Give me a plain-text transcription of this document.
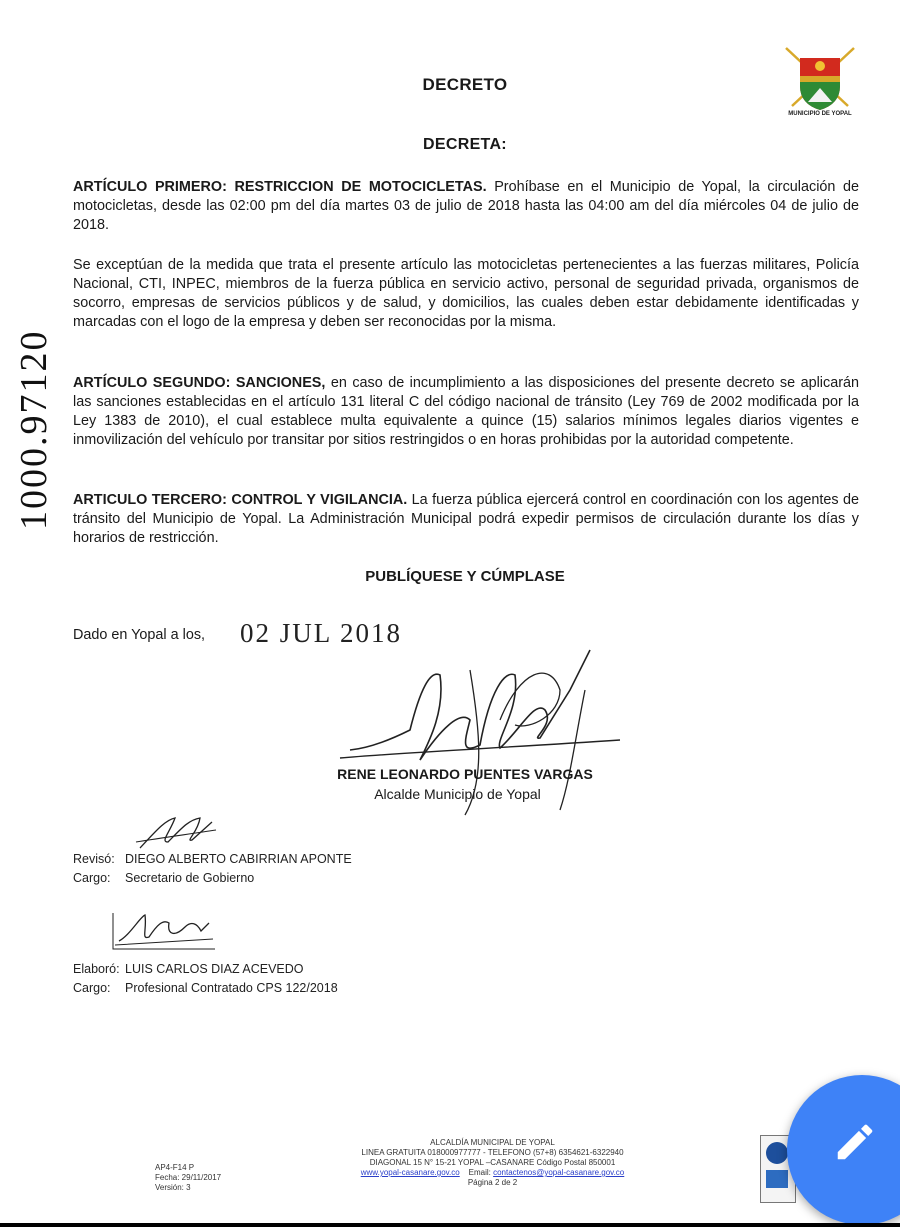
1000.97120
MUNICIPIO DE YOPAL
DECRETO
DECRETA:
ARTÍCULO PRIMERO: RESTRICCION DE MOTOCICLETAS. Prohíbase en el Municipio de Yopal, la circulación de motocicletas, desde las 02:00 pm del día martes 03 de julio de 2018 hasta las 04:00 am del día miércoles 04 de julio de 2018.
Se exceptúan de la medida que trata el presente artículo las motocicletas pertenecientes a las fuerzas militares, Policía Nacional, CTI, INPEC, miembros de la fuerza pública en servicio activo, personal de seguridad privada, organismos de socorro, empresas de servicios públicos y de salud, y domicilios, las cuales deben estar debidamente identificadas y marcadas con el logo de la empresa y deben ser reconocidas por la misma.
ARTÍCULO SEGUNDO: SANCIONES, en caso de incumplimiento a las disposiciones del presente decreto se aplicarán las sanciones establecidas en el artículo 131 literal C del código nacional de tránsito (Ley 769 de 2002 modificada por la Ley 1383 de 2010), el cual establece multa equivalente a quince (15) salarios mínimos legales diarios vigentes e inmovilización del vehículo por transitar por sitios restringidos o en horas prohibidas por la autoridad competente.
ARTICULO TERCERO: CONTROL Y VIGILANCIA. La fuerza pública ejercerá control en coordinación con los agentes de tránsito del Municipio de Yopal. La Administración Municipal podrá expedir permisos de circulación durante los días y horarios de restricción.
PUBLÍQUESE Y CÚMPLASE
Dado en Yopal a los, 02 JUL 2018
RENE LEONARDO PUENTES VARGAS
Alcalde Municipio de Yopal
Revisó: DIEGO ALBERTO CABIRRIAN APONTE
Cargo: Secretario de Gobierno
Elaboró: LUIS CARLOS DIAZ ACEVEDO
Cargo: Profesional Contratado CPS 122/2018
ALCALDÍA MUNICIPAL DE YOPAL
LINEA GRATUITA 018000977777 - TELEFONO (57+8) 6354621-6322940
DIAGONAL 15 N° 15-21 YOPAL –CASANARE Código Postal 850001
www.yopal-casanare.gov.co Email: contactenos@yopal-casanare.gov.co
Página 2 de 2
AP4-F14 P
Fecha: 29/11/2017
Versión: 3
